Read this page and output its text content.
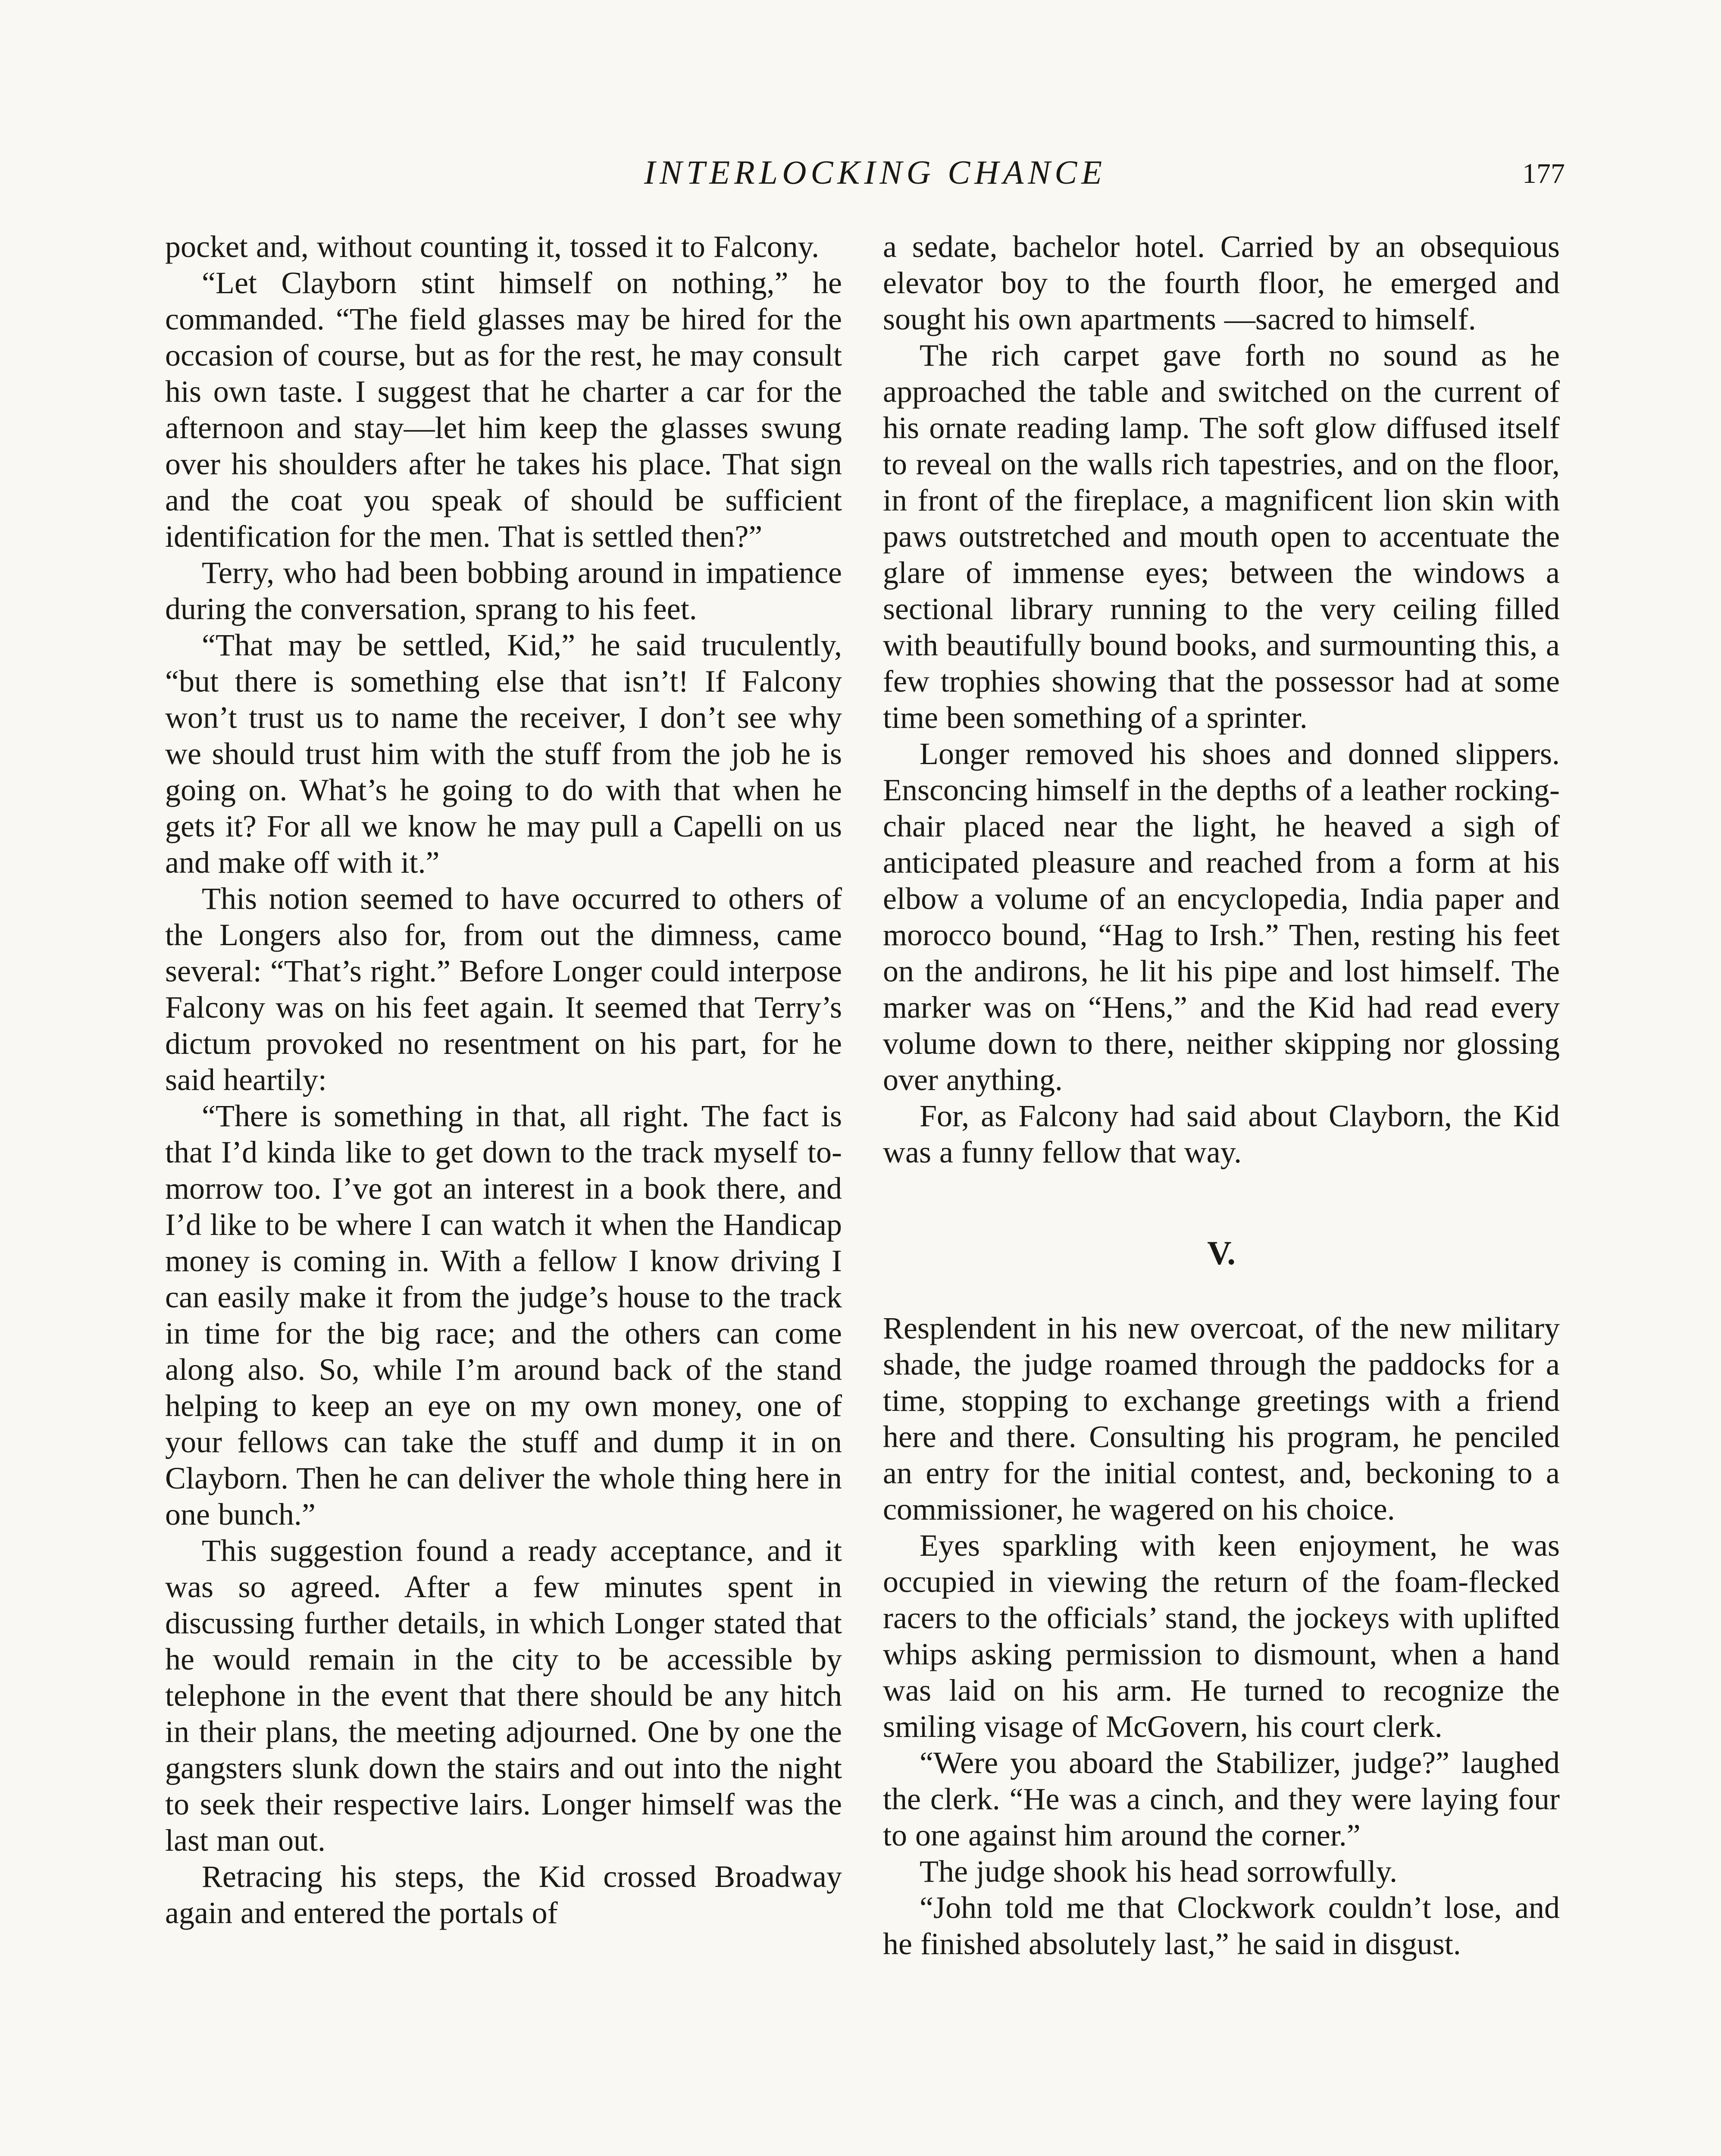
INTERLOCKING CHANCE	177

pocket and, without counting it, tossed it to Falcony.

“Let Clayborn stint himself on nothing,” he commanded. “The field glasses may be hired for the occasion of course, but as for the rest, he may consult his own taste. I suggest that he charter a car for the afternoon and stay—let him keep the glasses swung over his shoulders after he takes his place. That sign and the coat you speak of should be sufficient identification for the men. That is settled then?”

Terry, who had been bobbing around in impatience during the conversation, sprang to his feet.

“That may be settled, Kid,” he said truculently, “but there is something else that isn’t! If Falcony won’t trust us to name the receiver, I don’t see why we should trust him with the stuff from the job he is going on. What’s he going to do with that when he gets it? For all we know he may pull a Capelli on us and make off with it.”

This notion seemed to have occurred to others of the Longers also for, from out the dimness, came several: “That’s right.” Before Longer could interpose Falcony was on his feet again. It seemed that Terry’s dictum provoked no resentment on his part, for he said heartily:

“There is something in that, all right. The fact is that I’d kinda like to get down to the track myself to-morrow too. I’ve got an interest in a book there, and I’d like to be where I can watch it when the Handicap money is coming in. With a fellow I know driving I can easily make it from the judge’s house to the track in time for the big race; and the others can come along also. So, while I’m around back of the stand helping to keep an eye on my own money, one of your fellows can take the stuff and dump it in on Clayborn. Then he can deliver the whole thing here in one bunch.”

This suggestion found a ready acceptance, and it was so agreed. After a few minutes spent in discussing further details, in which Longer stated that he would remain in the city to be accessible by telephone in the event that there should be any hitch in their plans, the meeting adjourned. One by one the gangsters slunk down the stairs and out into the night to seek their respective lairs. Longer himself was the last man out.

Retracing his steps, the Kid crossed Broadway again and entered the portals of

a sedate, bachelor hotel. Carried by an obsequious elevator boy to the fourth floor, he emerged and sought his own apartments —sacred to himself.

The rich carpet gave forth no sound as he approached the table and switched on the current of his ornate reading lamp. The soft glow diffused itself to reveal on the walls rich tapestries, and on the floor, in front of the fireplace, a magnificent lion skin with paws outstretched and mouth open to accentuate the glare of immense eyes; between the windows a sectional library running to the very ceiling filled with beautifully bound books, and surmounting this, a few trophies showing that the possessor had at some time been something of a sprinter.

Longer removed his shoes and donned slippers. Ensconcing himself in the depths of a leather rocking-chair placed near the light, he heaved a sigh of anticipated pleasure and reached from a form at his elbow a volume of an encyclopedia, India paper and morocco bound, “Hag to Irsh.” Then, resting his feet on the andirons, he lit his pipe and lost himself. The marker was on “Hens,” and the Kid had read every volume down to there, neither skipping nor glossing over anything.

For, as Falcony had said about Clayborn, the Kid was a funny fellow that way.

V.

Resplendent in his new overcoat, of the new military shade, the judge roamed through the paddocks for a time, stopping to exchange greetings with a friend here and there. Consulting his program, he penciled an entry for the initial contest, and, beckoning to a commissioner, he wagered on his choice.

Eyes sparkling with keen enjoyment, he was occupied in viewing the return of the foam-flecked racers to the officials’ stand, the jockeys with uplifted whips asking permission to dismount, when a hand was laid on his arm. He turned to recognize the smiling visage of McGovern, his court clerk.

“Were you aboard the Stabilizer, judge?” laughed the clerk. “He was a cinch, and they were laying four to one against him around the corner.”

The judge shook his head sorrowfully.

“John told me that Clockwork couldn’t lose, and he finished absolutely last,” he said in disgust.
